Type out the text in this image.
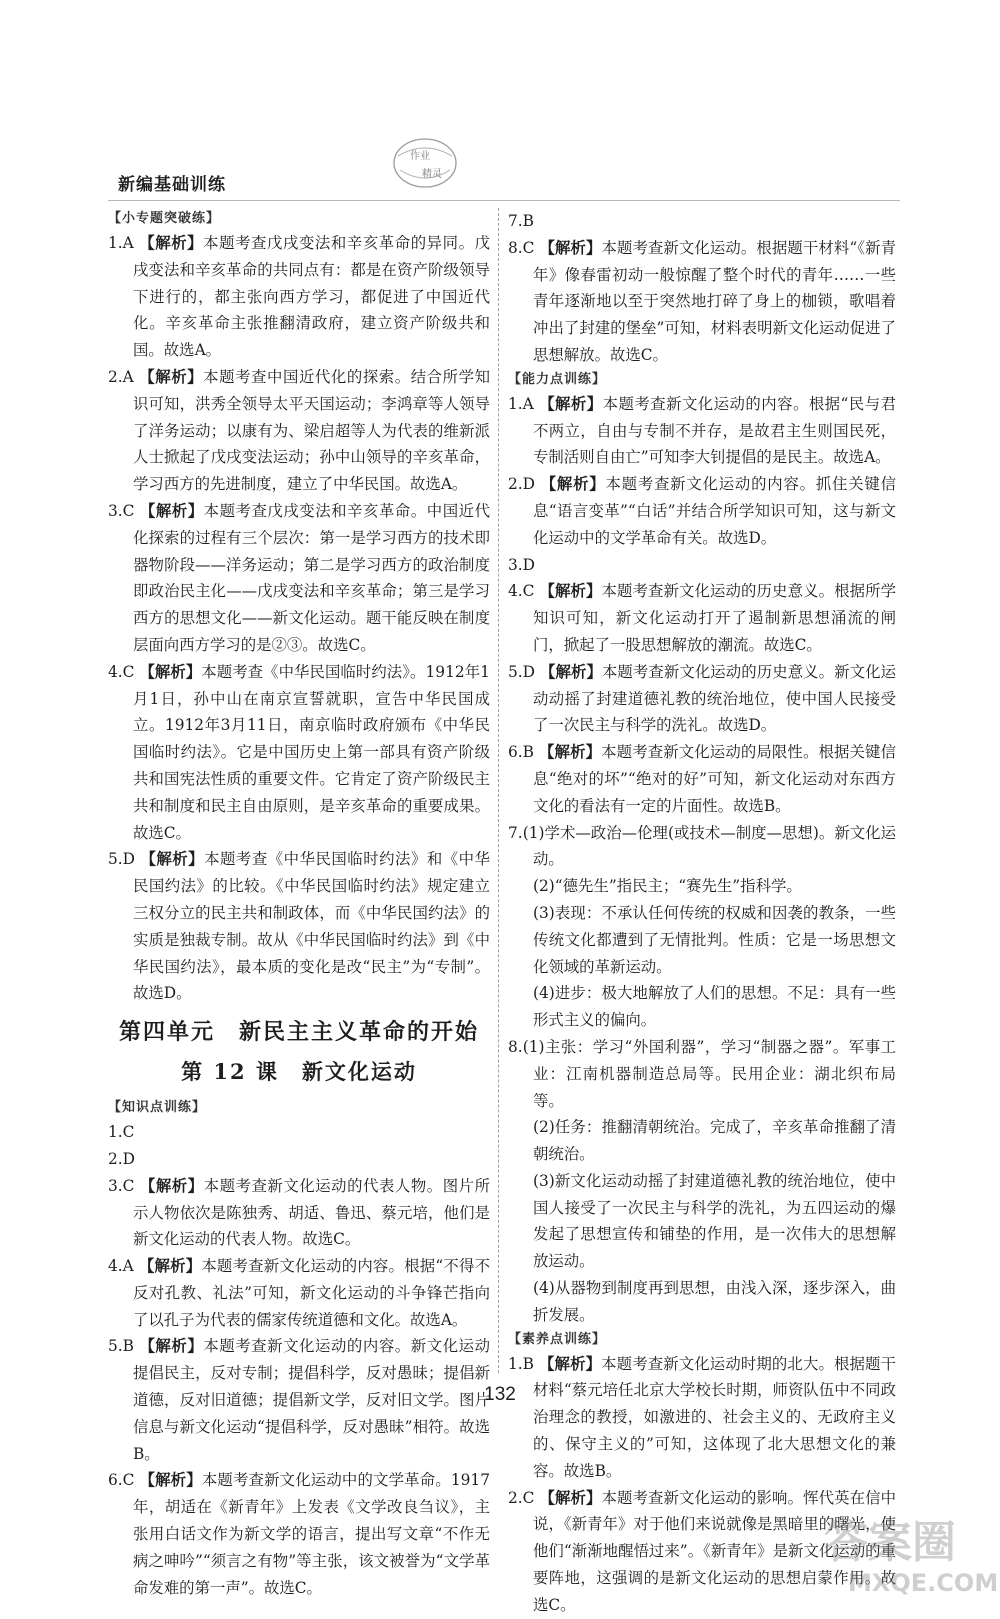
作业
精灵
新编基础训练
【小专题突破练】

1.A 【解析】本题考查戊戌变法和辛亥革命的异同。戊戌变法和辛亥革命的共同点有：都是在资产阶级领导下进行的，都主张向西方学习，都促进了中国近代化。辛亥革命主张推翻清政府，建立资产阶级共和国。故选A。

2.A 【解析】本题考查中国近代化的探索。结合所学知识可知，洪秀全领导太平天国运动；李鸿章等人领导了洋务运动；以康有为、梁启超等人为代表的维新派人士掀起了戊戌变法运动；孙中山领导的辛亥革命，学习西方的先进制度，建立了中华民国。故选A。

3.C 【解析】本题考查戊戌变法和辛亥革命。中国近代化探索的过程有三个层次：第一是学习西方的技术即器物阶段——洋务运动；第二是学习西方的政治制度即政治民主化——戊戌变法和辛亥革命；第三是学习西方的思想文化——新文化运动。题干能反映在制度层面向西方学习的是②③。故选C。

4.C 【解析】本题考查《中华民国临时约法》。1912年1月1日，孙中山在南京宣誓就职，宣告中华民国成立。1912年3月11日，南京临时政府颁布《中华民国临时约法》。它是中国历史上第一部具有资产阶级共和国宪法性质的重要文件。它肯定了资产阶级民主共和制度和民主自由原则，是辛亥革命的重要成果。故选C。

5.D 【解析】本题考查《中华民国临时约法》和《中华民国约法》的比较。《中华民国临时约法》规定建立三权分立的民主共和制政体，而《中华民国约法》的实质是独裁专制。故从《中华民国临时约法》到《中华民国约法》，最本质的变化是改“民主”为“专制”。故选D。

第四单元　新民主主义革命的开始
第 12 课　新文化运动
【知识点训练】

1.C

2.D

3.C 【解析】本题考查新文化运动的代表人物。图片所示人物依次是陈独秀、胡适、鲁迅、蔡元培，他们是新文化运动的代表人物。故选C。

4.A 【解析】本题考查新文化运动的内容。根据“不得不反对孔教、礼法”可知，新文化运动的斗争锋芒指向了以孔子为代表的儒家传统道德和文化。故选A。

5.B 【解析】本题考查新文化运动的内容。新文化运动提倡民主，反对专制；提倡科学，反对愚昧；提倡新道德，反对旧道德；提倡新文学，反对旧文学。图片信息与新文化运动“提倡科学，反对愚昧”相符。故选B。

6.C 【解析】本题考查新文化运动中的文学革命。1917年，胡适在《新青年》上发表《文学改良刍议》，主张用白话文作为新文学的语言，提出写文章“不作无病之呻吟”“须言之有物”等主张，该文被誉为“文学革命发难的第一声”。故选C。

7.B

8.C 【解析】本题考查新文化运动。根据题干材料“《新青年》像春雷初动一般惊醒了整个时代的青年……一些青年逐渐地以至于突然地打碎了身上的枷锁，歌唱着冲出了封建的堡垒”可知，材料表明新文化运动促进了思想解放。故选C。

【能力点训练】

1.A 【解析】本题考查新文化运动的内容。根据“民与君不两立，自由与专制不并存，是故君主生则国民死，专制活则自由亡”可知李大钊提倡的是民主。故选A。

2.D 【解析】本题考查新文化运动的内容。抓住关键信息“语言变革”“白话”并结合所学知识可知，这与新文化运动中的文学革命有关。故选D。

3.D

4.C 【解析】本题考查新文化运动的历史意义。根据所学知识可知，新文化运动打开了遏制新思想涌流的闸门，掀起了一股思想解放的潮流。故选C。

5.D 【解析】本题考查新文化运动的历史意义。新文化运动动摇了封建道德礼教的统治地位，使中国人民接受了一次民主与科学的洗礼。故选D。

6.B 【解析】本题考查新文化运动的局限性。根据关键信息“绝对的坏”“绝对的好”可知，新文化运动对东西方文化的看法有一定的片面性。故选B。

7.(1)学术—政治—伦理(或技术—制度—思想)。新文化运动。

(2)“德先生”指民主；“赛先生”指科学。

(3)表现：不承认任何传统的权威和因袭的教条，一些传统文化都遭到了无情批判。性质：它是一场思想文化领域的革新运动。

(4)进步：极大地解放了人们的思想。不足：具有一些形式主义的偏向。

8.(1)主张：学习“外国利器”，学习“制器之器”。军事工业：江南机器制造总局等。民用企业：湖北织布局等。

(2)任务：推翻清朝统治。完成了，辛亥革命推翻了清朝统治。

(3)新文化运动动摇了封建道德礼教的统治地位，使中国人接受了一次民主与科学的洗礼，为五四运动的爆发起了思想宣传和铺垫的作用，是一次伟大的思想解放运动。

(4)从器物到制度再到思想，由浅入深，逐步深入，曲折发展。

【素养点训练】

1.B 【解析】本题考查新文化运动时期的北大。根据题干材料“蔡元培任北京大学校长时期，师资队伍中不同政治理念的教授，如激进的、社会主义的、无政府主义的、保守主义的”可知，这体现了北大思想文化的兼容。故选B。

2.C 【解析】本题考查新文化运动的影响。恽代英在信中说，《新青年》对于他们来说就像是黑暗里的曙光，使他们“渐渐地醒悟过来”。《新青年》是新文化运动的重要阵地，这强调的是新文化运动的思想启蒙作用。故选C。

132
答案圈
MXQE.COM
